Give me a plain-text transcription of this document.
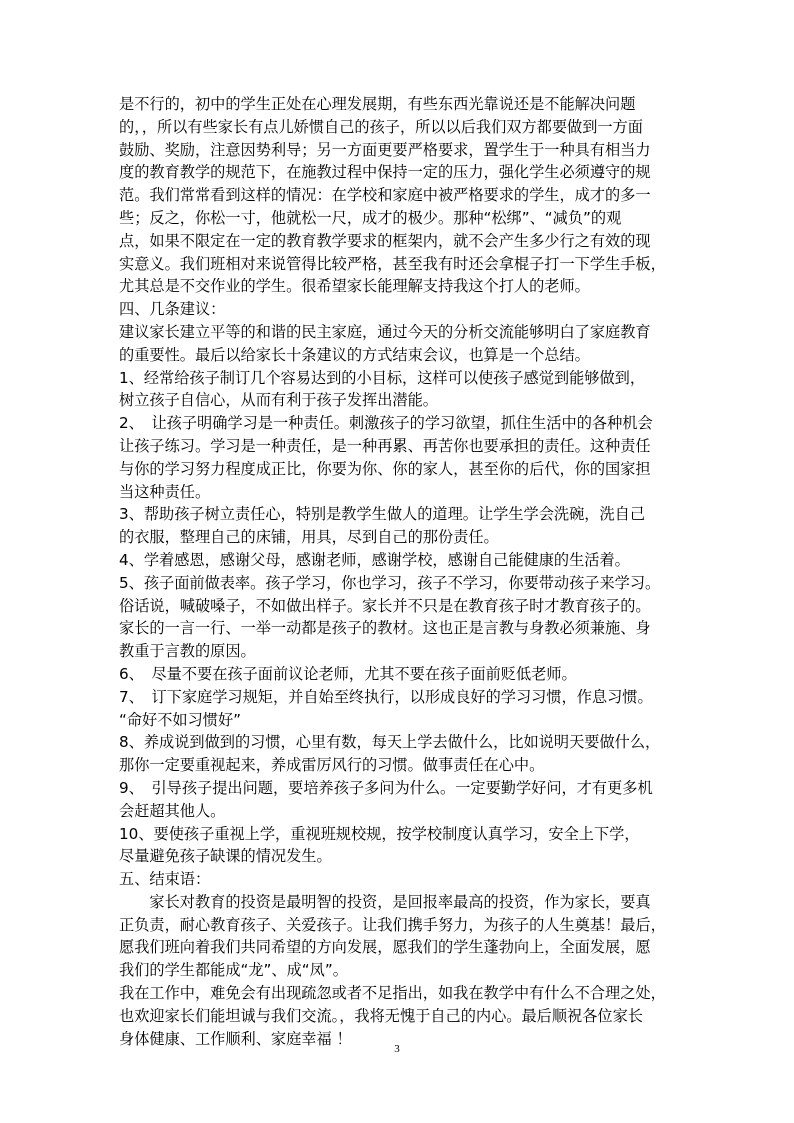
是不行的，初中的学生正处在心理发展期，有些东西光靠说还是不能解决问题
的，，所以有些家长有点儿娇惯自己的孩子，所以以后我们双方都要做到一方面
鼓励、奖励，注意因势利导；另一方面更要严格要求，置学生于一种具有相当力
度的教育教学的规范下，在施教过程中保持一定的压力，强化学生必须遵守的规
范。我们常常看到这样的情况：在学校和家庭中被严格要求的学生，成才的多一
些；反之，你松一寸，他就松一尺，成才的极少。那种“松绑”、“减负”的观
点，如果不限定在一定的教育教学要求的框架内，就不会产生多少行之有效的现
实意义。我们班相对来说管得比较严格，甚至我有时还会拿棍子打一下学生手板，
尤其总是不交作业的学生。很希望家长能理解支持我这个打人的老师。
四、几条建议：
建议家长建立平等的和谐的民主家庭，通过今天的分析交流能够明白了家庭教育
的重要性。最后以给家长十条建议的方式结束会议，也算是一个总结。
1、经常给孩子制订几个容易达到的小目标，这样可以使孩子感觉到能够做到，
树立孩子自信心，从而有利于孩子发挥出潜能。
2、　让孩子明确学习是一种责任。刺激孩子的学习欲望，抓住生活中的各种机会
让孩子练习。学习是一种责任，是一种再累、再苦你也要承担的责任。这种责任
与你的学习努力程度成正比，你要为你、你的家人，甚至你的后代，你的国家担
当这种责任。
3、帮助孩子树立责任心，特别是教学生做人的道理。让学生学会洗碗，洗自己
的衣服，整理自己的床铺，用具，尽到自己的那份责任。
4、学着感恩，感谢父母，感谢老师，感谢学校，感谢自己能健康的生活着。
5、孩子面前做表率。孩子学习，你也学习，孩子不学习，你要带动孩子来学习。
俗话说，喊破嗓子，不如做出样子。家长并不只是在教育孩子时才教育孩子的。
家长的一言一行、一举一动都是孩子的教材。这也正是言教与身教必须兼施、身
教重于言教的原因。
6、　尽量不要在孩子面前议论老师，尤其不要在孩子面前贬低老师。
7、　订下家庭学习规矩，并自始至终执行，以形成良好的学习习惯，作息习惯。
“命好不如习惯好”
8、养成说到做到的习惯，心里有数，每天上学去做什么，比如说明天要做什么，
那你一定要重视起来，养成雷厉风行的习惯。做事责任在心中。
9、　引导孩子提出问题，要培养孩子多问为什么。一定要勤学好问，才有更多机
会赶超其他人。
10、要使孩子重视上学，重视班规校规，按学校制度认真学习，安全上下学，
尽量避免孩子缺课的情况发生。
五、结束语：
　　家长对教育的投资是最明智的投资，是回报率最高的投资，作为家长，要真
正负责，耐心教育孩子、关爱孩子。让我们携手努力，为孩子的人生奠基！最后，
愿我们班向着我们共同希望的方向发展，愿我们的学生蓬勃向上，全面发展，愿
我们的学生都能成“龙”、成“凤”。
我在工作中，难免会有出现疏忽或者不足指出，如我在教学中有什么不合理之处，
也欢迎家长们能坦诚与我们交流。，我将无愧于自己的内心。最后顺祝各位家长
身体健康、工作顺利、家庭幸福 ！
3
